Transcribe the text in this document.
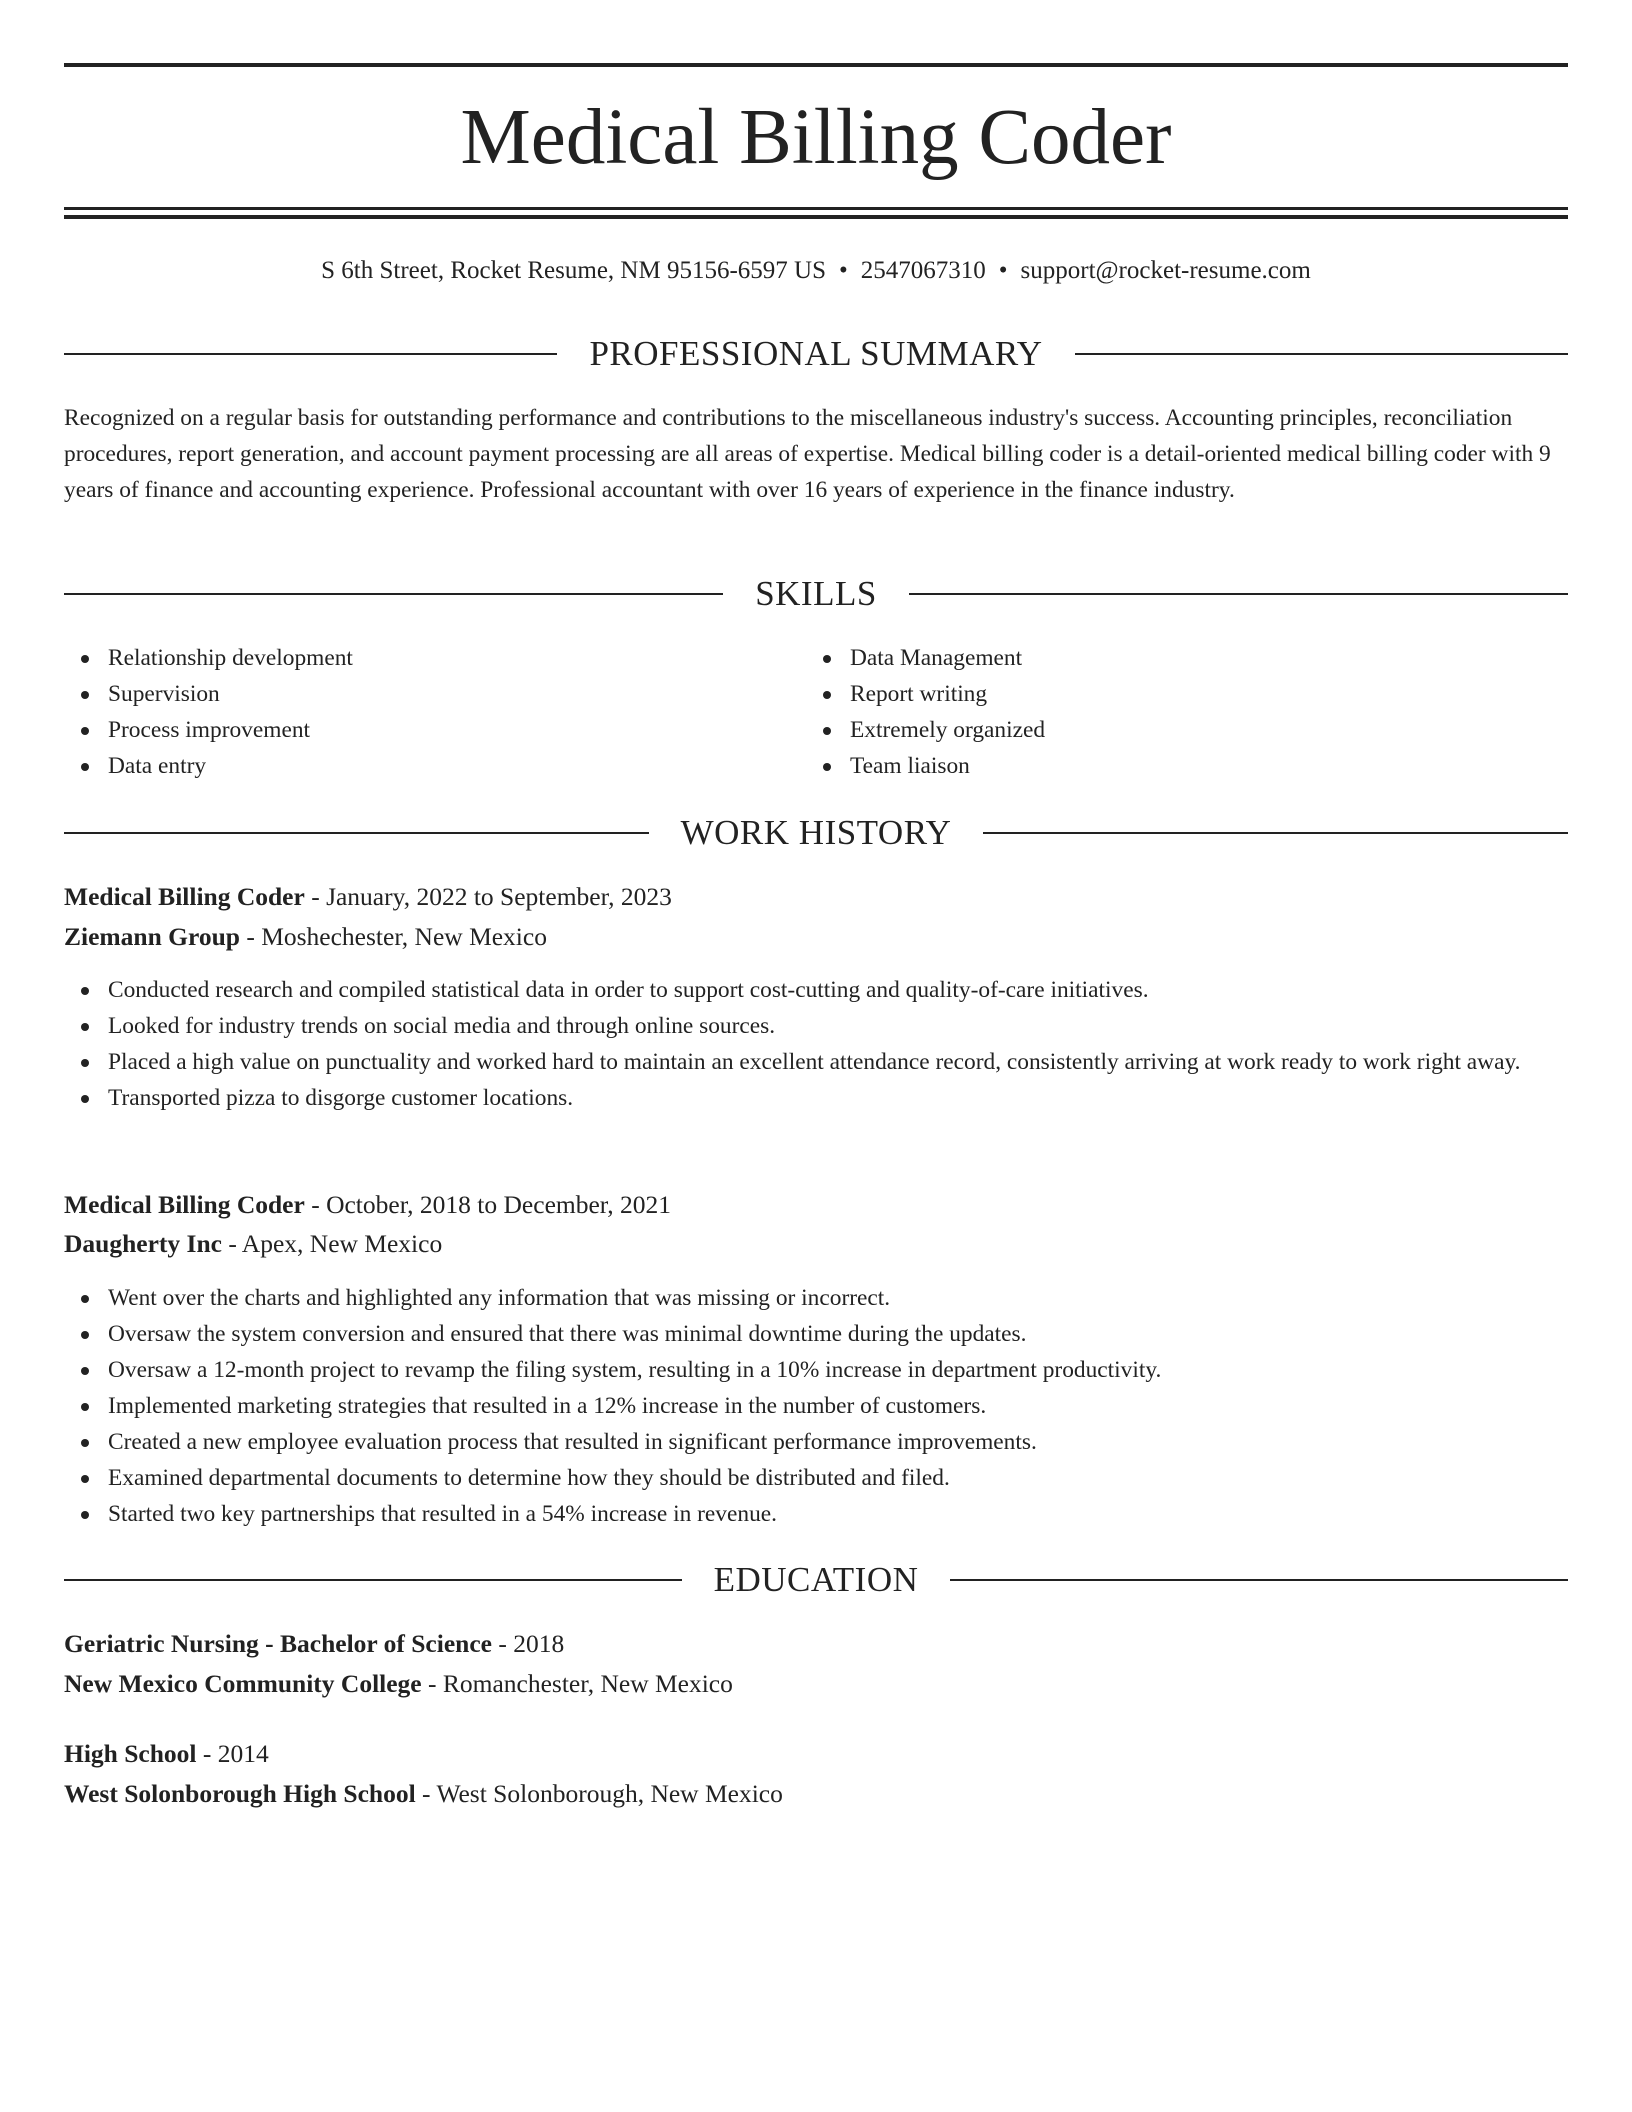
Medical Billing Coder
S 6th Street, Rocket Resume, NM 95156-6597 US • 2547067310 • support@rocket-resume.com
PROFESSIONAL SUMMARY

Recognized on a regular basis for outstanding performance and contributions to the miscellaneous industry's success. Accounting principles, reconciliation procedures, report generation, and account payment processing are all areas of expertise. Medical billing coder is a detail-oriented medical billing coder with 9 years of finance and accounting experience. Professional accountant with over 16 years of experience in the finance industry.

SKILLS
Relationship development
Supervision
Process improvement
Data entry
Data Management
Report writing
Extremely organized
Team liaison
WORK HISTORY
Medical Billing Coder - January, 2022 to September, 2023
Ziemann Group - Moshechester, New Mexico
Conducted research and compiled statistical data in order to support cost-cutting and quality-of-care initiatives.
Looked for industry trends on social media and through online sources.
Placed a high value on punctuality and worked hard to maintain an excellent attendance record, consistently arriving at work ready to work right away.
Transported pizza to disgorge customer locations.
Medical Billing Coder - October, 2018 to December, 2021
Daugherty Inc - Apex, New Mexico
Went over the charts and highlighted any information that was missing or incorrect.
Oversaw the system conversion and ensured that there was minimal downtime during the updates.
Oversaw a 12-month project to revamp the filing system, resulting in a 10% increase in department productivity.
Implemented marketing strategies that resulted in a 12% increase in the number of customers.
Created a new employee evaluation process that resulted in significant performance improvements.
Examined departmental documents to determine how they should be distributed and filed.
Started two key partnerships that resulted in a 54% increase in revenue.
EDUCATION
Geriatric Nursing - Bachelor of Science - 2018
New Mexico Community College - Romanchester, New Mexico
High School - 2014
West Solonborough High School - West Solonborough, New Mexico
